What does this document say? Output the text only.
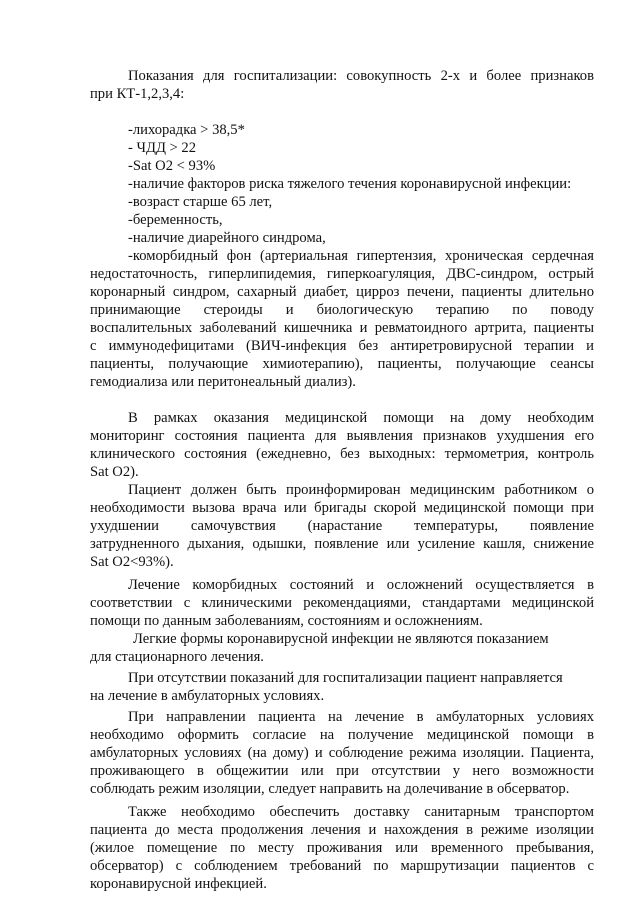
Показания для госпитализации: совокупность 2-х и более признаков
при КТ-1,2,3,4:
-лихорадка > 38,5*
- ЧДД > 22
-Sat O2 < 93%
-наличие факторов риска тяжелого течения коронавирусной инфекции:
-возраст старше 65 лет,
-беременность,
-наличие диарейного синдрома,
-коморбидный фон (артериальная гипертензия, хроническая сердечная
недостаточность, гиперлипидемия, гиперкоагуляция, ДВС-синдром, острый
коронарный синдром, сахарный диабет, цирроз печени, пациенты длительно
принимающие стероиды и биологическую терапию по поводу
воспалительных заболеваний кишечника и ревматоидного артрита, пациенты
с иммунодефицитами (ВИЧ-инфекция без антиретровирусной терапии и
пациенты, получающие химиотерапию), пациенты, получающие сеансы
гемодиализа или перитонеальный диализ).
В рамках оказания медицинской помощи на дому необходим
мониторинг состояния пациента для выявления признаков ухудшения его
клинического состояния (ежедневно, без выходных: термометрия, контроль
Sat O2).
Пациент должен быть проинформирован медицинским работником о
необходимости вызова врача или бригады скорой медицинской помощи при
ухудшении самочувствия (нарастание температуры, появление
затрудненного дыхания, одышки, появление или усиление кашля, снижение
Sat O2<93%).
Лечение коморбидных состояний и осложнений осуществляется в
соответствии с клиническими рекомендациями, стандартами медицинской
помощи по данным заболеваниям, состояниям и осложнениям.
Легкие формы коронавирусной инфекции не являются показанием
для стационарного лечения.
При отсутствии показаний для госпитализации пациент направляется
на лечение в амбулаторных условиях.
При направлении пациента на лечение в амбулаторных условиях
необходимо оформить согласие на получение медицинской помощи в
амбулаторных условиях (на дому) и соблюдение режима изоляции. Пациента,
проживающего в общежитии или при отсутствии у него возможности
соблюдать режим изоляции, следует направить на долечивание в обсерватор.
Также необходимо обеспечить доставку санитарным транспортом
пациента до места продолжения лечения и нахождения в режиме изоляции
(жилое помещение по месту проживания или временного пребывания,
обсерватор) с соблюдением требований по маршрутизации пациентов с
коронавирусной инфекцией.
